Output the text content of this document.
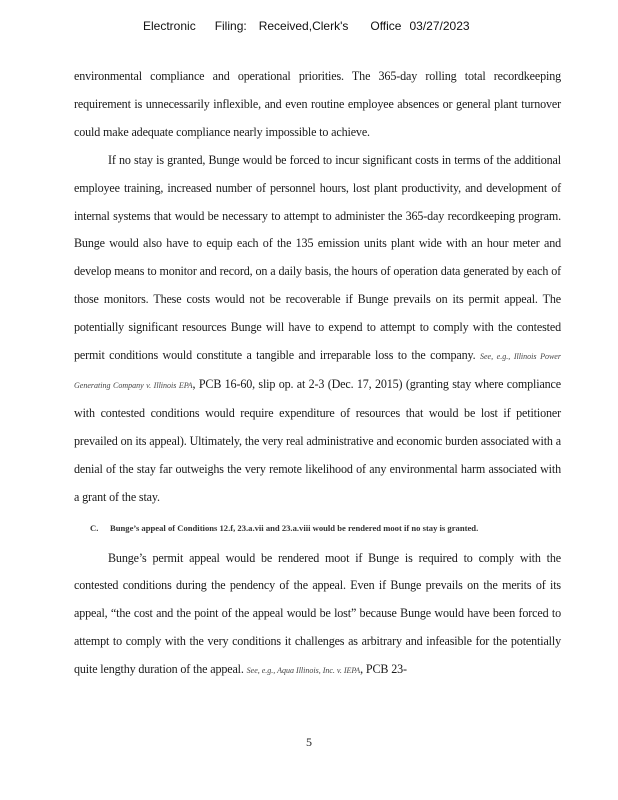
Electronic Filing: Received,Clerk's Office 03/27/2023

environmental compliance and operational priorities. The 365-day rolling total recordkeeping requirement is unnecessarily inflexible, and even routine employee absences or general plant turnover could make adequate compliance nearly impossible to achieve.

If no stay is granted, Bunge would be forced to incur significant costs in terms of the additional employee training, increased number of personnel hours, lost plant productivity, and development of internal systems that would be necessary to attempt to administer the 365-day recordkeeping program. Bunge would also have to equip each of the 135 emission units plant wide with an hour meter and develop means to monitor and record, on a daily basis, the hours of operation data generated by each of those monitors. These costs would not be recoverable if Bunge prevails on its permit appeal. The potentially significant resources Bunge will have to expend to attempt to comply with the contested permit conditions would constitute a tangible and irreparable loss to the company. See, e.g., Illinois Power Generating Company v. Illinois EPA, PCB 16-60, slip op. at 2-3 (Dec. 17, 2015) (granting stay where compliance with contested conditions would require expenditure of resources that would be lost if petitioner prevailed on its appeal). Ultimately, the very real administrative and economic burden associated with a denial of the stay far outweighs the very remote likelihood of any environmental harm associated with a grant of the stay.

C.	Bunge’s appeal of Conditions 12.f, 23.a.vii and 23.a.viii would be rendered moot if no stay is granted.

Bunge’s permit appeal would be rendered moot if Bunge is required to comply with the contested conditions during the pendency of the appeal. Even if Bunge prevails on the merits of its appeal, “the cost and the point of the appeal would be lost” because Bunge would have been forced to attempt to comply with the very conditions it challenges as arbitrary and infeasible for the potentially quite lengthy duration of the appeal. See, e.g., Aqua Illinois, Inc. v. IEPA, PCB 23-

5
